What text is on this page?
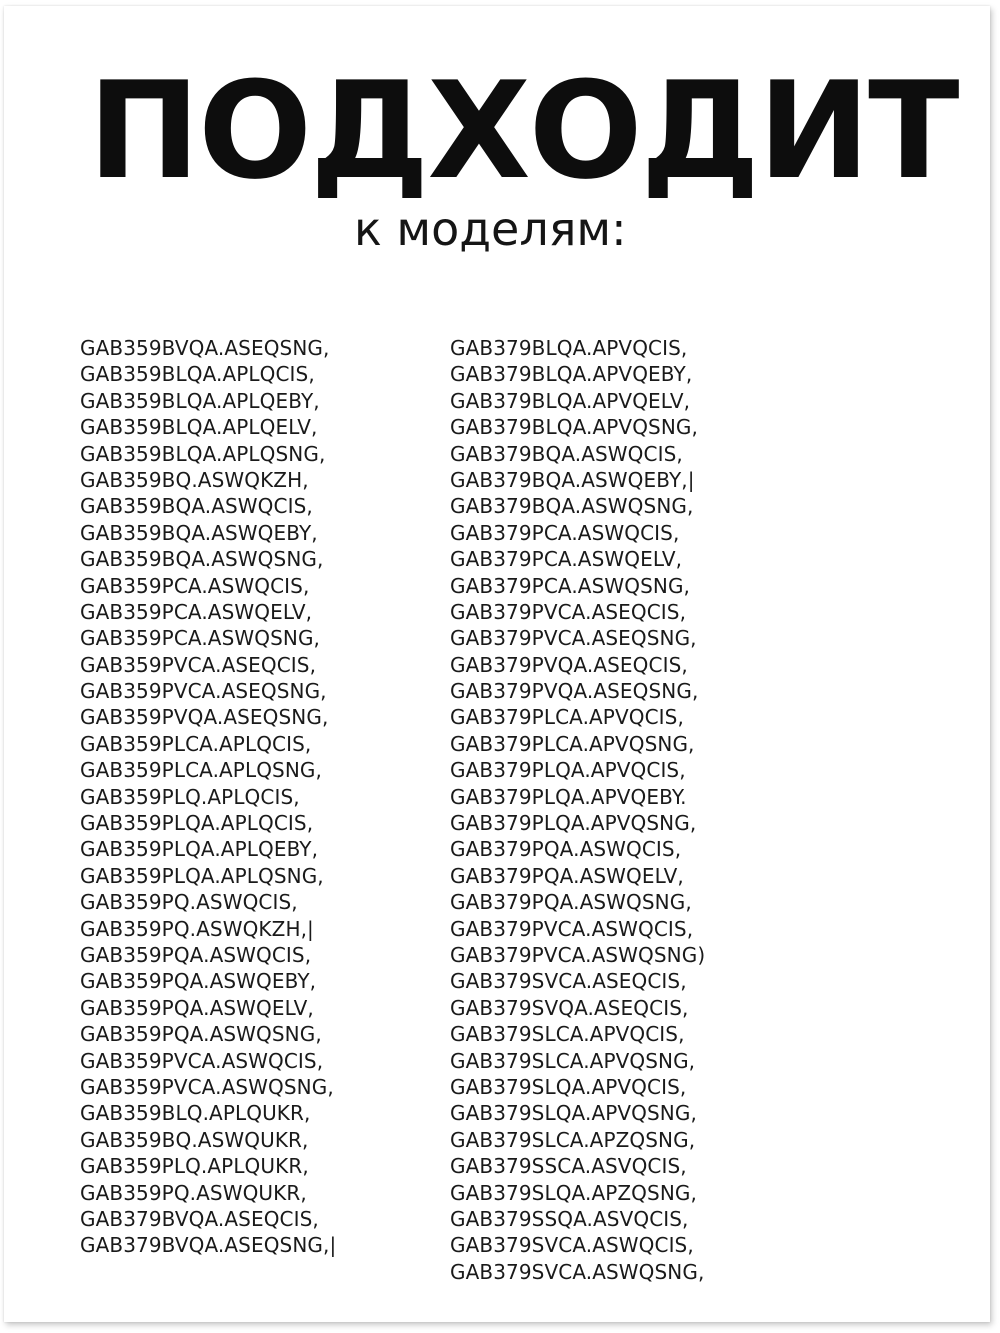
ПОДХОДИТ
к моделям:
GAB359BVQA.ASEQSNG,
GAB359BLQA.APLQCIS,
GAB359BLQA.APLQEBY,
GAB359BLQA.APLQELV,
GAB359BLQA.APLQSNG,
GAB359BQ.ASWQKZH,
GAB359BQA.ASWQCIS,
GAB359BQA.ASWQEBY,
GAB359BQA.ASWQSNG,
GAB359PCA.ASWQCIS,
GAB359PCA.ASWQELV,
GAB359PCA.ASWQSNG,
GAB359PVCA.ASEQCIS,
GAB359PVCA.ASEQSNG,
GAB359PVQA.ASEQSNG,
GAB359PLCA.APLQCIS,
GAB359PLCA.APLQSNG,
GAB359PLQ.APLQCIS,
GAB359PLQA.APLQCIS,
GAB359PLQA.APLQEBY,
GAB359PLQA.APLQSNG,
GAB359PQ.ASWQCIS,
GAB359PQ.ASWQKZH,|
GAB359PQA.ASWQCIS,
GAB359PQA.ASWQEBY,
GAB359PQA.ASWQELV,
GAB359PQA.ASWQSNG,
GAB359PVCA.ASWQCIS,
GAB359PVCA.ASWQSNG,
GAB359BLQ.APLQUKR,
GAB359BQ.ASWQUKR,
GAB359PLQ.APLQUKR,
GAB359PQ.ASWQUKR,
GAB379BVQA.ASEQCIS,
GAB379BVQA.ASEQSNG,|
GAB379BLQA.APVQCIS,
GAB379BLQA.APVQEBY,
GAB379BLQA.APVQELV,
GAB379BLQA.APVQSNG,
GAB379BQA.ASWQCIS,
GAB379BQA.ASWQEBY,|
GAB379BQA.ASWQSNG,
GAB379PCA.ASWQCIS,
GAB379PCA.ASWQELV,
GAB379PCA.ASWQSNG,
GAB379PVCA.ASEQCIS,
GAB379PVCA.ASEQSNG,
GAB379PVQA.ASEQCIS,
GAB379PVQA.ASEQSNG,
GAB379PLCA.APVQCIS,
GAB379PLCA.APVQSNG,
GAB379PLQA.APVQCIS,
GAB379PLQA.APVQEBY.
GAB379PLQA.APVQSNG,
GAB379PQA.ASWQCIS,
GAB379PQA.ASWQELV,
GAB379PQA.ASWQSNG,
GAB379PVCA.ASWQCIS,
GAB379PVCA.ASWQSNG)
GAB379SVCA.ASEQCIS,
GAB379SVQA.ASEQCIS,
GAB379SLCA.APVQCIS,
GAB379SLCA.APVQSNG,
GAB379SLQA.APVQCIS,
GAB379SLQA.APVQSNG,
GAB379SLCA.APZQSNG,
GAB379SSCA.ASVQCIS,
GAB379SLQA.APZQSNG,
GAB379SSQA.ASVQCIS,
GAB379SVCA.ASWQCIS,
GAB379SVCA.ASWQSNG,
